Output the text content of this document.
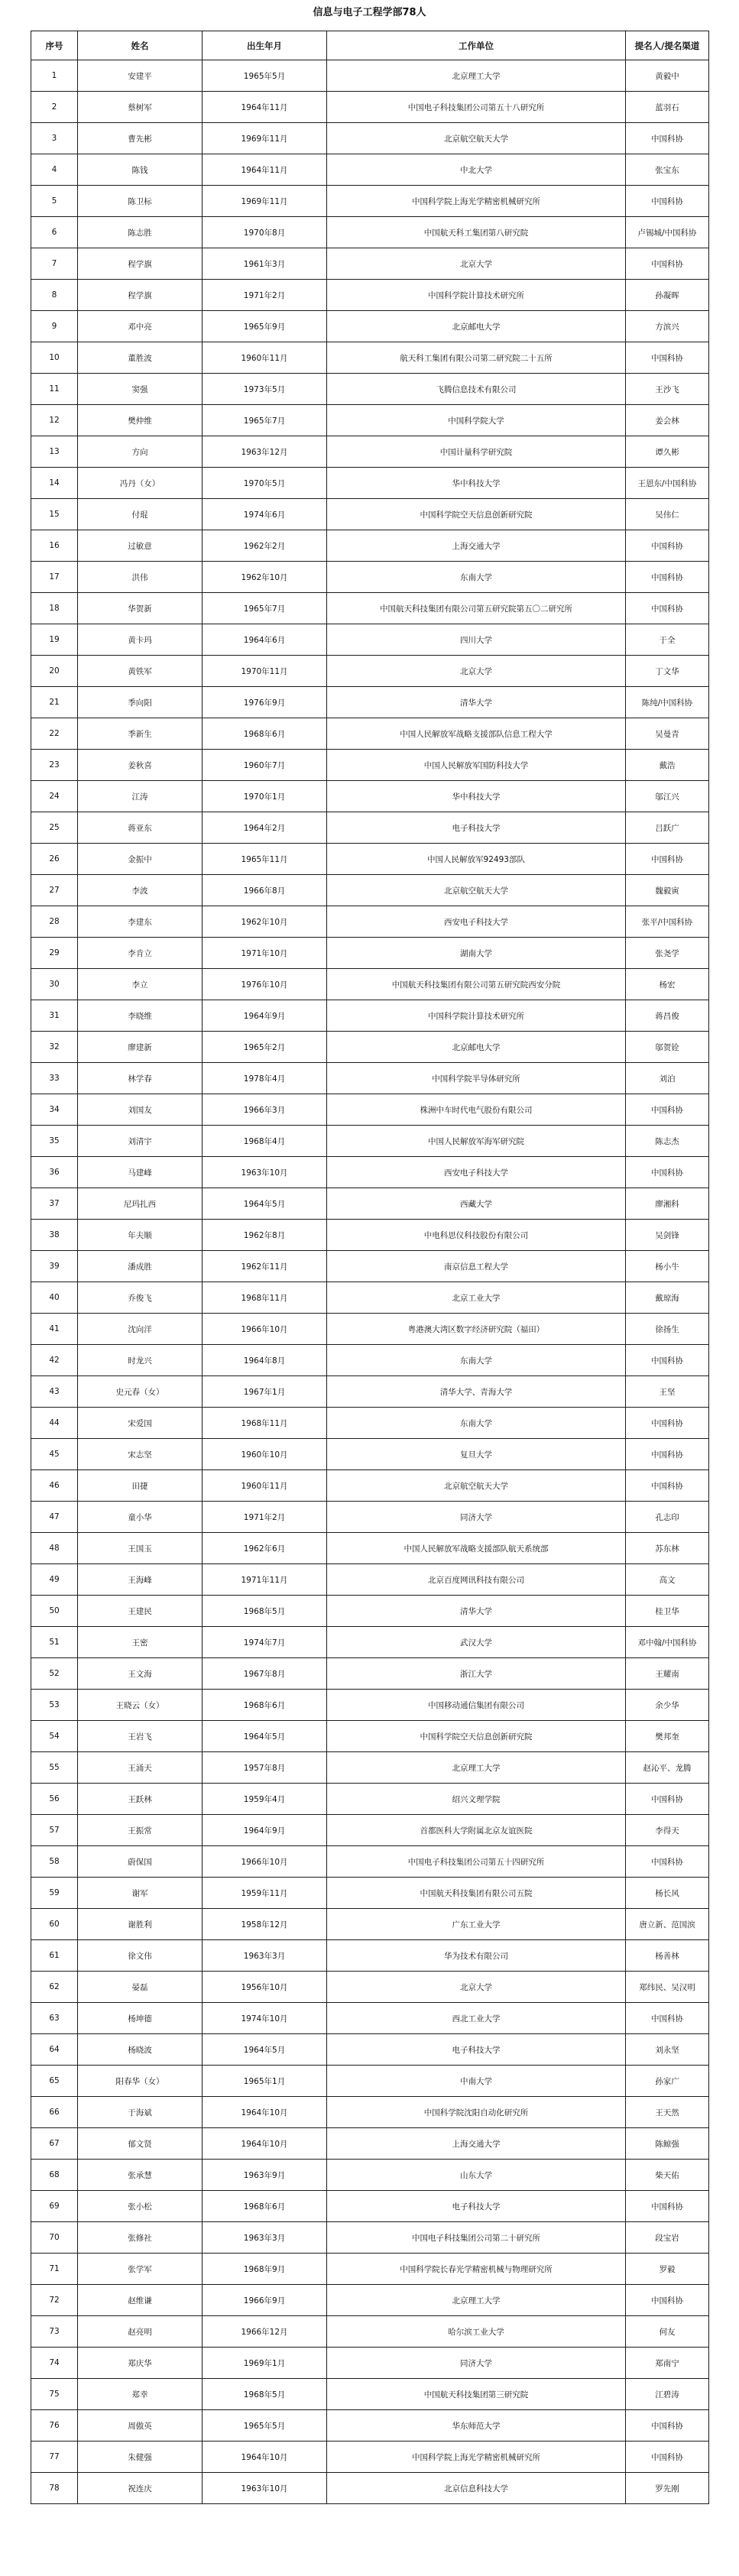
信息与电子工程学部78人
序号	姓名	出生年月	工作单位	提名人/提名渠道
1	安建平	1965年5月	北京理工大学	黄毅中
2	蔡树军	1964年11月	中国电子科技集团公司第五十八研究所	蓝羽石
3	曹先彬	1969年11月	北京航空航天大学	中国科协
4	陈钱	1964年11月	中北大学	张宝东
5	陈卫标	1969年11月	中国科学院上海光学精密机械研究所	中国科协
6	陈志胜	1970年8月	中国航天科工集团第八研究院	卢锡城/中国科协
7	程学旗	1961年3月	北京大学	中国科协
8	程学旗	1971年2月	中国科学院计算技术研究所	孙凝晖
9	邓中亮	1965年9月	北京邮电大学	方滨兴
10	董胜波	1960年11月	航天科工集团有限公司第二研究院二十五所	中国科协
11	窦强	1973年5月	飞腾信息技术有限公司	王沙飞
12	樊仲维	1965年7月	中国科学院大学	姜会林
13	方向	1963年12月	中国计量科学研究院	谭久彬
14	冯丹（女）	1970年5月	华中科技大学	王恩东/中国科协
15	付琨	1974年6月	中国科学院空天信息创新研究院	吴伟仁
16	过敏意	1962年2月	上海交通大学	中国科协
17	洪伟	1962年10月	东南大学	中国科协
18	华贺新	1965年7月	中国航天科技集团有限公司第五研究院第五〇二研究所	中国科协
19	黄卡玛	1964年6月	四川大学	于全
20	黄铁军	1970年11月	北京大学	丁文华
21	季向阳	1976年9月	清华大学	陈纯/中国科协
22	季新生	1968年6月	中国人民解放军战略支援部队信息工程大学	吴曼青
23	姜秋喜	1960年7月	中国人民解放军国防科技大学	戴浩
24	江涛	1970年1月	华中科技大学	邬江兴
25	蒋亚东	1964年2月	电子科技大学	吕跃广
26	金振中	1965年11月	中国人民解放军92493部队	中国科协
27	李波	1966年8月	北京航空航天大学	魏毅寅
28	李建东	1962年10月	西安电子科技大学	张平/中国科协
29	李肯立	1971年10月	湖南大学	张尧学
30	李立	1976年10月	中国航天科技集团有限公司第五研究院西安分院	杨宏
31	李晓维	1964年9月	中国科学院计算技术研究所	蒋昌俊
32	廖建新	1965年2月	北京邮电大学	邬贺铨
33	林学春	1978年4月	中国科学院半导体研究所	刘泊
34	刘国友	1966年3月	株洲中车时代电气股份有限公司	中国科协
35	刘清宇	1968年4月	中国人民解放军海军研究院	陈志杰
36	马建峰	1963年10月	西安电子科技大学	中国科协
37	尼玛扎西	1964年5月	西藏大学	廖湘科
38	年夫顺	1962年8月	中电科思仪科技股份有限公司	吴剑锋
39	潘成胜	1962年11月	南京信息工程大学	杨小牛
40	乔俊飞	1968年11月	北京工业大学	戴琼海
41	沈向洋	1966年10月	粤港澳大湾区数字经济研究院（福田）	徐扬生
42	时龙兴	1964年8月	东南大学	中国科协
43	史元春（女）	1967年1月	清华大学、青海大学	王坚
44	宋爱国	1968年11月	东南大学	中国科协
45	宋志坚	1960年10月	复旦大学	中国科协
46	田捷	1960年11月	北京航空航天大学	中国科协
47	童小华	1971年2月	同济大学	孔志印
48	王国玉	1962年6月	中国人民解放军战略支援部队航天系统部	苏东林
49	王海峰	1971年11月	北京百度网讯科技有限公司	高文
50	王建民	1968年5月	清华大学	桂卫华
51	王密	1974年7月	武汉大学	邓中翰/中国科协
52	王文海	1967年8月	浙江大学	王耀南
53	王晓云（女）	1968年6月	中国移动通信集团有限公司	余少华
54	王岩飞	1964年5月	中国科学院空天信息创新研究院	樊邦奎
55	王涌天	1957年8月	北京理工大学	赵沁平、龙腾
56	王跃林	1959年4月	绍兴文理学院	中国科协
57	王振常	1964年9月	首都医科大学附属北京友谊医院	李得天
58	蔚保国	1966年10月	中国电子科技集团公司第五十四研究所	中国科协
59	谢军	1959年11月	中国航天科技集团有限公司五院	杨长风
60	谢胜利	1958年12月	广东工业大学	唐立新、范国滨
61	徐文伟	1963年3月	华为技术有限公司	杨善林
62	晏磊	1956年10月	北京大学	郑纬民、吴汉明
63	杨坤德	1974年10月	西北工业大学	中国科协
64	杨晓波	1964年5月	电子科技大学	刘永坚
65	阳春华（女）	1965年1月	中南大学	孙家广
66	于海斌	1964年10月	中国科学院沈阳自动化研究所	王天然
67	郁文贤	1964年10月	上海交通大学	陈鲸强
68	张承慧	1963年9月	山东大学	柴天佑
69	张小松	1968年6月	电子科技大学	中国科协
70	张修社	1963年3月	中国电子科技集团公司第二十研究所	段宝岩
71	张学军	1968年9月	中国科学院长春光学精密机械与物理研究所	罗毅
72	赵维谦	1966年9月	北京理工大学	中国科协
73	赵亮明	1966年12月	哈尔滨工业大学	何友
74	郑庆华	1969年1月	同济大学	郑南宁
75	郑幸	1968年5月	中国航天科技集团第三研究院	江碧涛
76	周傲英	1965年5月	华东师范大学	中国科协
77	朱健强	1964年10月	中国科学院上海光学精密机械研究所	中国科协
78	祝连庆	1963年10月	北京信息科技大学	罗先刚
